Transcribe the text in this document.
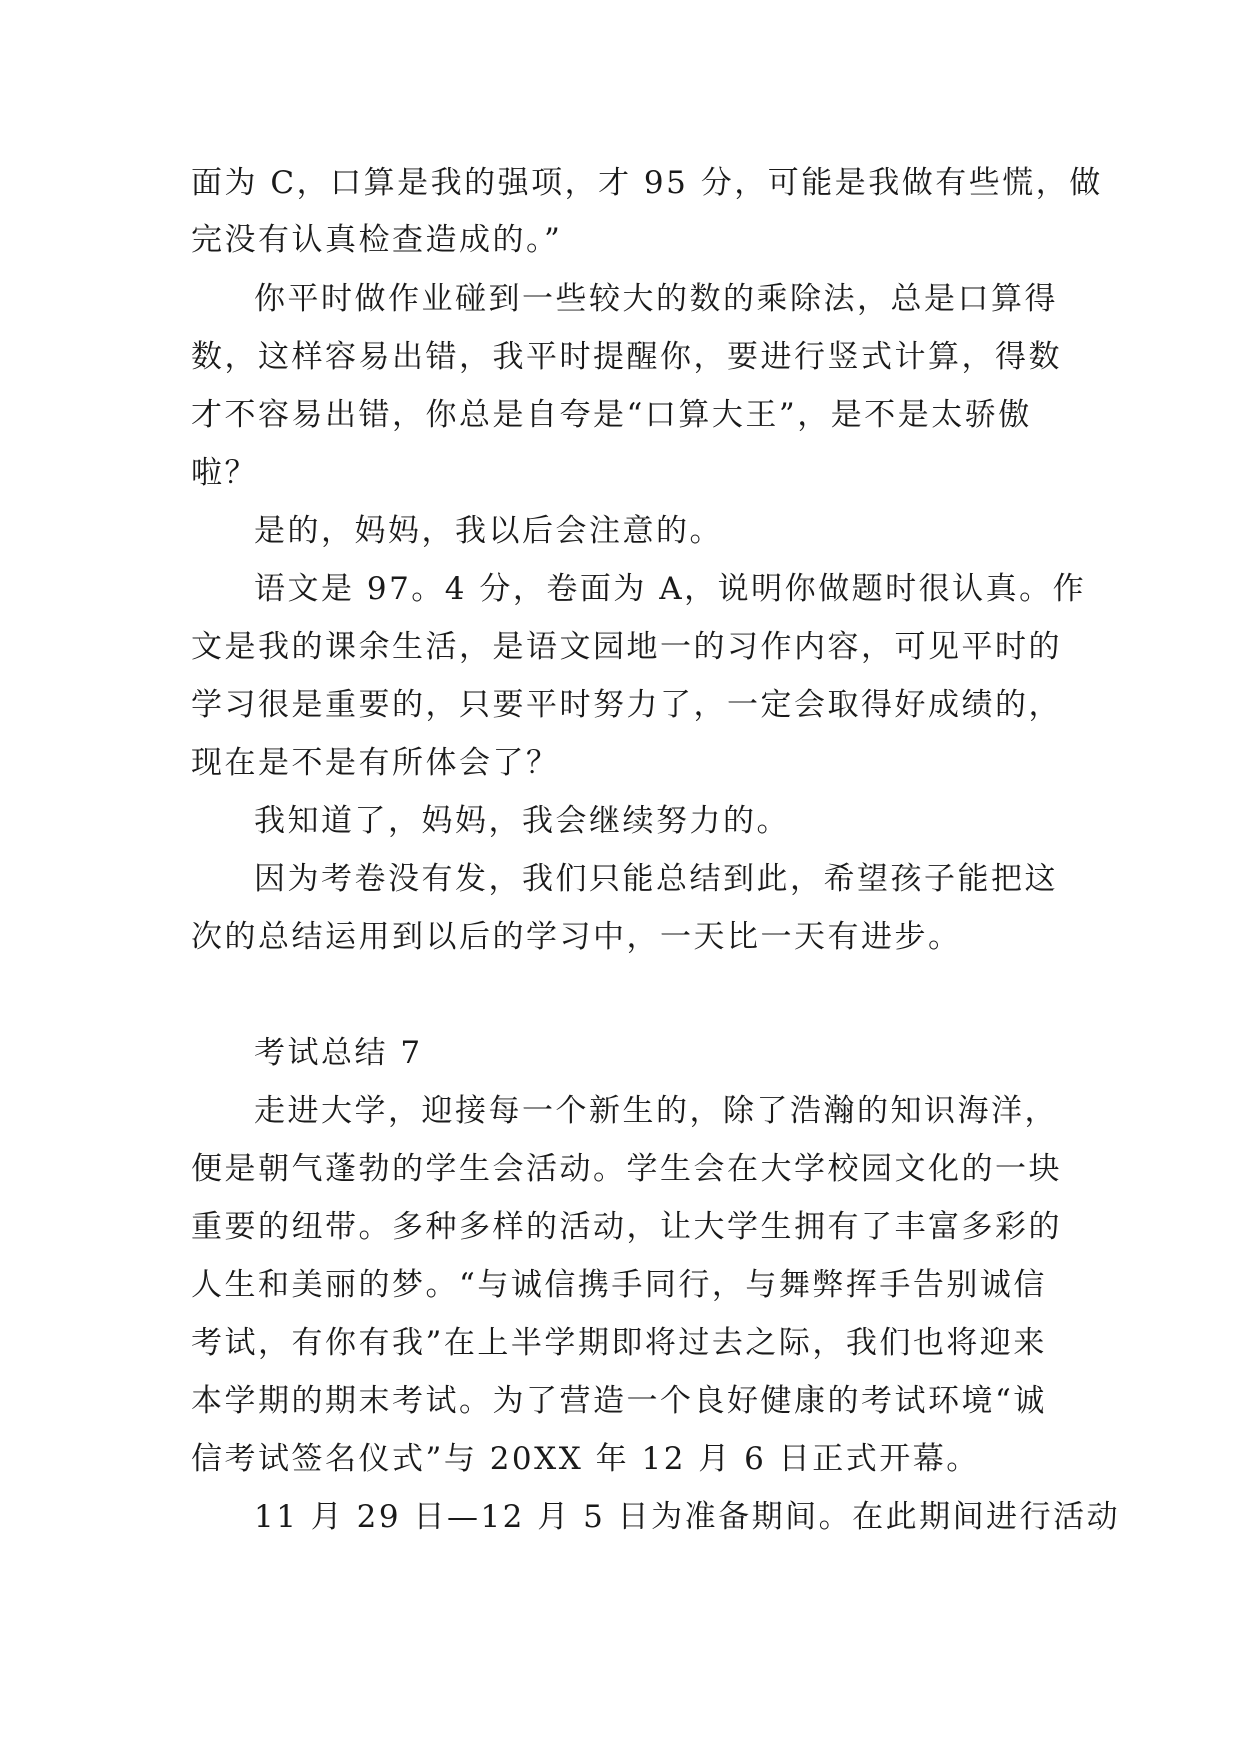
面为 C，口算是我的强项，才 95 分，可能是我做有些慌，做

完没有认真检查造成的。”

你平时做作业碰到一些较大的数的乘除法，总是口算得

数，这样容易出错，我平时提醒你，要进行竖式计算，得数

才不容易出错，你总是自夸是“口算大王”，是不是太骄傲

啦？

是的，妈妈，我以后会注意的。

语文是 97。4 分，卷面为 A，说明你做题时很认真。作

文是我的课余生活，是语文园地一的习作内容，可见平时的

学习很是重要的，只要平时努力了，一定会取得好成绩的，

现在是不是有所体会了？

我知道了，妈妈，我会继续努力的。

因为考卷没有发，我们只能总结到此，希望孩子能把这

次的总结运用到以后的学习中，一天比一天有进步。

考试总结 7

走进大学，迎接每一个新生的，除了浩瀚的知识海洋，

便是朝气蓬勃的学生会活动。学生会在大学校园文化的一块

重要的纽带。多种多样的活动，让大学生拥有了丰富多彩的

人生和美丽的梦。“与诚信携手同行，与舞弊挥手告别诚信

考试，有你有我”在上半学期即将过去之际，我们也将迎来

本学期的期末考试。为了营造一个良好健康的考试环境“诚

信考试签名仪式”与 20XX 年 12 月 6 日正式开幕。

11 月 29 日—12 月 5 日为准备期间。在此期间进行活动
